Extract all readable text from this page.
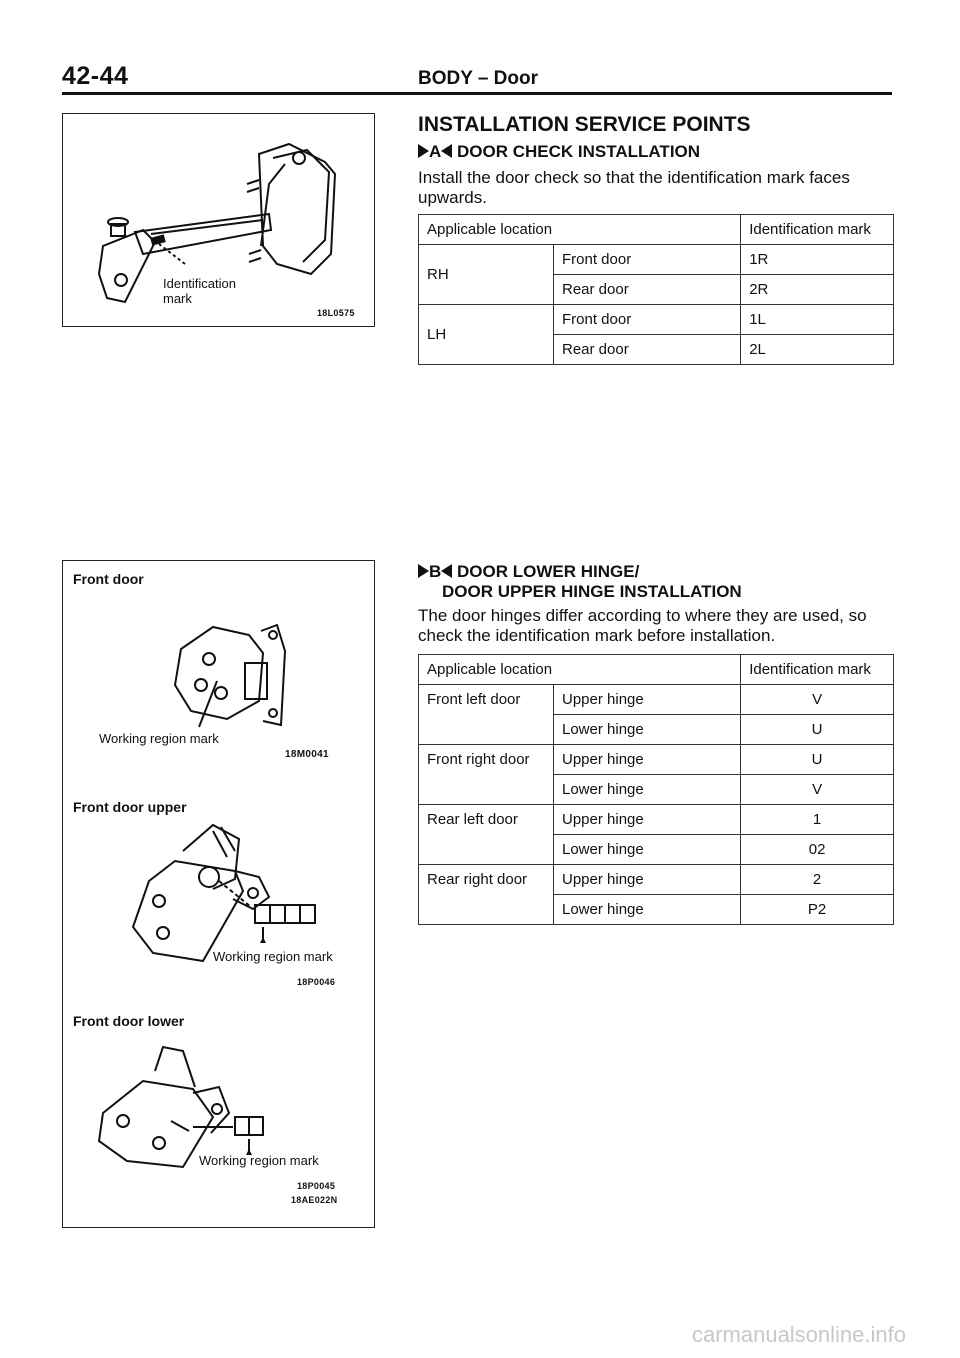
42-44	BODY – Door
Identification
mark
18L0575
INSTALLATION SERVICE POINTS
A DOOR CHECK INSTALLATION
Install the door check so that the identification mark faces upwards.
Applicable location		Identification mark
RH	Front door	1R
	Rear door	2R
LH	Front door	1L
	Rear door	2L
Front door
Working region mark
18M0041
Front door upper
Working region mark
18P0046
Front door lower
Working region mark
18P0045
18AE022N
B DOOR LOWER HINGE/
DOOR UPPER HINGE INSTALLATION
The door hinges differ according to where they are used, so check the identification mark before installation.
Applicable location		Identification mark
Front left door	Upper hinge	V
	Lower hinge	U
Front right door	Upper hinge	U
	Lower hinge	V
Rear left door	Upper hinge	1
	Lower hinge	02
Rear right door	Upper hinge	2
	Lower hinge	P2
carmanualsonline.info
